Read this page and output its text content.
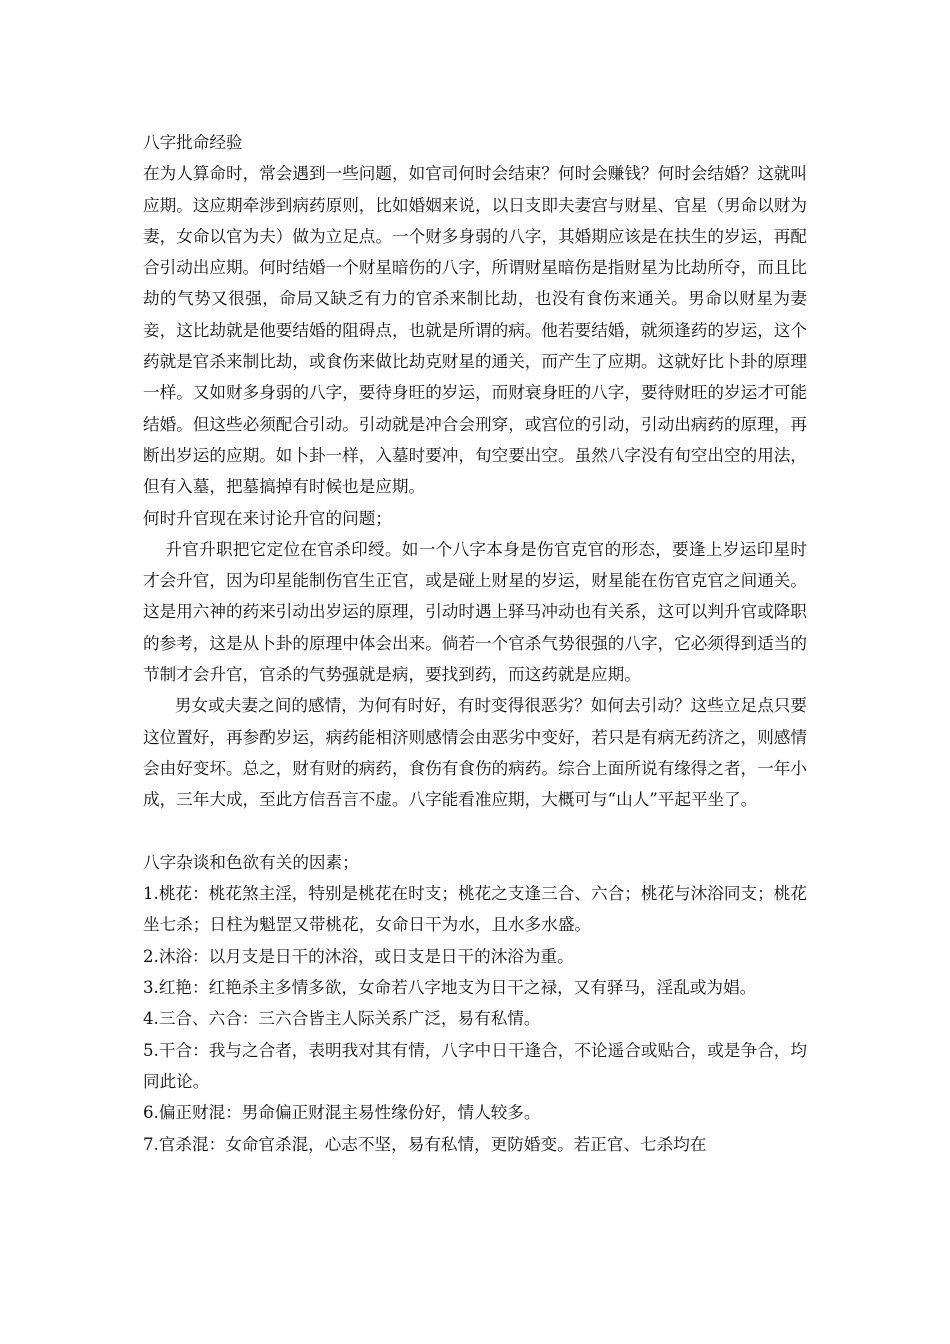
八字批命经验

在为人算命时，常会遇到一些问题，如官司何时会结束？何时会赚钱？何时会结婚？这就叫应期。这应期牵涉到病药原则，比如婚姻来说，以日支即夫妻宫与财星、官星（男命以财为妻，女命以官为夫）做为立足点。一个财多身弱的八字，其婚期应该是在扶生的岁运，再配合引动出应期。何时结婚一个财星暗伤的八字，所谓财星暗伤是指财星为比劫所夺，而且比劫的气势又很强，命局又缺乏有力的官杀来制比劫，也没有食伤来通关。男命以财星为妻妾，这比劫就是他要结婚的阻碍点，也就是所谓的病。他若要结婚，就须逢药的岁运，这个药就是官杀来制比劫，或食伤来做比劫克财星的通关，而产生了应期。这就好比卜卦的原理一样。又如财多身弱的八字，要待身旺的岁运，而财衰身旺的八字，要待财旺的岁运才可能结婚。但这些必须配合引动。引动就是冲合会刑穿，或宫位的引动，引动出病药的原理，再断出岁运的应期。如卜卦一样，入墓时要冲，旬空要出空。虽然八字没有旬空出空的用法，但有入墓，把墓搞掉有时候也是应期。

何时升官现在来讨论升官的问题；

升官升职把它定位在官杀印绶。如一个八字本身是伤官克官的形态，要逢上岁运印星时才会升官，因为印星能制伤官生正官，或是碰上财星的岁运，财星能在伤官克官之间通关。这是用六神的药来引动出岁运的原理，引动时遇上驿马冲动也有关系，这可以判升官或降职的参考，这是从卜卦的原理中体会出来。倘若一个官杀气势很强的八字，它必须得到适当的节制才会升官，官杀的气势强就是病，要找到药，而这药就是应期。

男女或夫妻之间的感情，为何有时好，有时变得很恶劣？如何去引动？这些立足点只要这位置好，再参酌岁运，病药能相济则感情会由恶劣中变好，若只是有病无药济之，则感情会由好变坏。总之，财有财的病药，食伤有食伤的病药。综合上面所说有缘得之者，一年小成，三年大成，至此方信吾言不虚。八字能看准应期，大概可与“山人”平起平坐了。

八字杂谈和色欲有关的因素；

1.桃花：桃花煞主淫，特别是桃花在时支；桃花之支逢三合、六合；桃花与沐浴同支；桃花坐七杀；日柱为魁罡又带桃花，女命日干为水，且水多水盛。

2.沐浴：以月支是日干的沐浴，或日支是日干的沐浴为重。

3.红艳：红艳杀主多情多欲，女命若八字地支为日干之禄，又有驿马，淫乱或为娼。

4.三合、六合：三六合皆主人际关系广泛，易有私情。

5.干合：我与之合者，表明我对其有情，八字中日干逢合，不论遥合或贴合，或是争合，均同此论。

6.偏正财混：男命偏正财混主易性缘份好，情人较多。

7.官杀混：女命官杀混，心志不坚，易有私情，更防婚变。若正官、七杀均在
